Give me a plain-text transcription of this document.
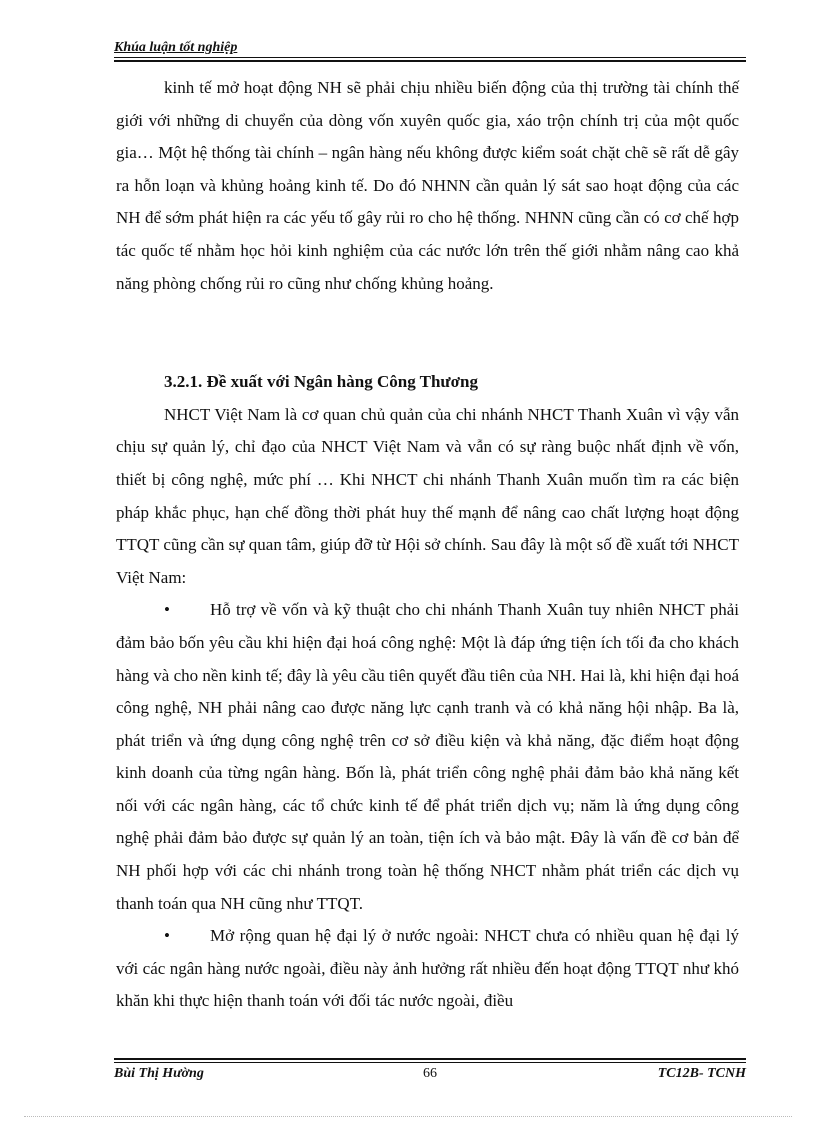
Khúa luận tốt nghiệp

kinh tế mở hoạt động NH sẽ phải chịu nhiều biến động của thị trường tài chính thế giới với những di chuyển của dòng vốn xuyên quốc gia, xáo trộn chính trị của một quốc gia… Một hệ thống tài chính – ngân hàng nếu không được kiểm soát chặt chẽ sẽ rất dễ gây ra hỗn loạn và khủng hoảng kinh tế. Do đó NHNN cần quản lý sát sao hoạt động của các NH để sớm phát hiện ra các yếu tố gây rủi ro cho hệ thống. NHNN cũng cần có cơ chế hợp tác quốc tế nhằm học hỏi kinh nghiệm của các nước lớn trên thế giới nhằm nâng cao khả năng phòng chống rủi ro cũng như chống khủng hoảng.

3.2.1. Đề xuất với Ngân hàng Công Thương

NHCT Việt Nam là cơ quan chủ quản của chi nhánh NHCT Thanh Xuân vì vậy vẫn chịu sự quản lý, chỉ đạo của NHCT Việt Nam và vẫn có sự ràng buộc nhất định về vốn, thiết bị công nghệ, mức phí … Khi NHCT chi nhánh Thanh Xuân muốn tìm ra các biện pháp khắc phục, hạn chế đồng thời phát huy thế mạnh để nâng cao chất lượng hoạt động TTQT cũng cần sự quan tâm, giúp đỡ từ Hội sở chính. Sau đây là một số đề xuất tới NHCT Việt Nam:

• Hỗ trợ về vốn và kỹ thuật cho chi nhánh Thanh Xuân tuy nhiên NHCT phải đảm bảo bốn yêu cầu khi hiện đại hoá công nghệ: Một là đáp ứng tiện ích tối đa cho khách hàng và cho nền kinh tế; đây là yêu cầu tiên quyết đầu tiên của NH. Hai là, khi hiện đại hoá công nghệ, NH phải nâng cao được năng lực cạnh tranh và có khả năng hội nhập. Ba là, phát triển và ứng dụng công nghệ trên cơ sở điều kiện và khả năng, đặc điểm hoạt động kinh doanh của từng ngân hàng. Bốn là, phát triển công nghệ phải đảm bảo khả năng kết nối với các ngân hàng, các tổ chức kinh tế để phát triển dịch vụ; năm là ứng dụng công nghệ phải đảm bảo được sự quản lý an toàn, tiện ích và bảo mật. Đây là vấn đề cơ bản để NH phối hợp với các chi nhánh trong toàn hệ thống NHCT nhằm phát triển các dịch vụ thanh toán qua NH cũng như TTQT.

• Mở rộng quan hệ đại lý ở nước ngoài: NHCT chưa có nhiều quan hệ đại lý với các ngân hàng nước ngoài, điều này ảnh hưởng rất nhiều đến hoạt động TTQT như khó khăn khi thực hiện thanh toán với đối tác nước ngoài, điều

66
Bùi Thị Hường	TC12B- TCNH
